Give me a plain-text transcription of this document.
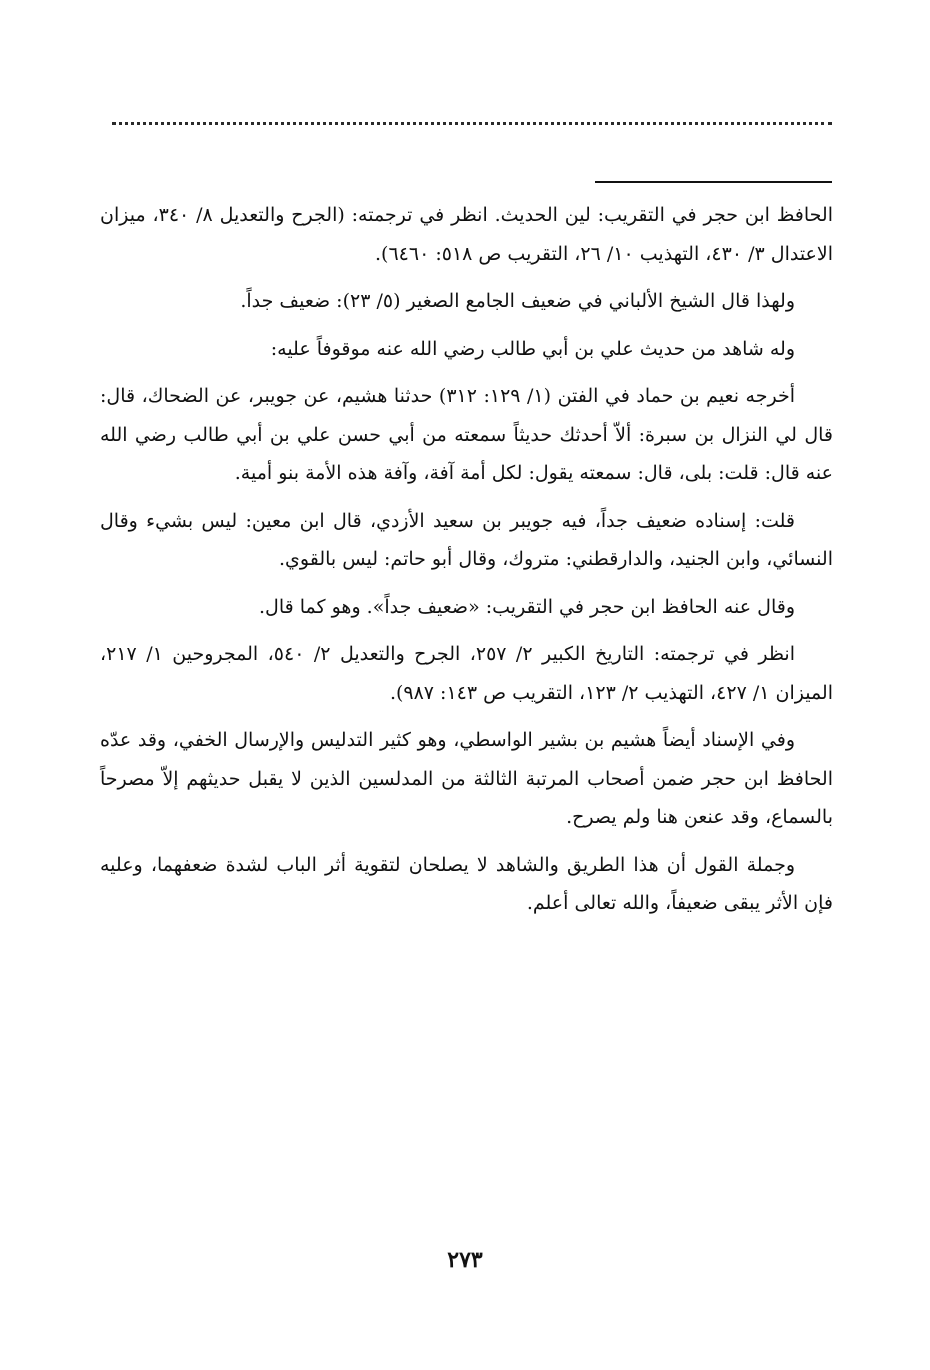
الحافظ ابن حجر في التقريب: لين الحديث. انظر في ترجمته: (الجرح والتعديل ٨/ ٣٤٠، ميزان الاعتدال ٣/ ٤٣٠، التهذيب ١٠/ ٢٦، التقريب ص ٥١٨: ٦٤٦٠).

ولهذا قال الشيخ الألباني في ضعيف الجامع الصغير (٥/ ٢٣): ضعيف جداً.

وله شاهد من حديث علي بن أبي طالب رضي الله عنه موقوفاً عليه:

أخرجه نعيم بن حماد في الفتن (١/ ١٢٩: ٣١٢) حدثنا هشيم، عن جويبر، عن الضحاك، قال: قال لي النزال بن سبرة: ألاّ أحدثك حديثاً سمعته من أبي حسن علي بن أبي طالب رضي الله عنه قال: قلت: بلى، قال: سمعته يقول: لكل أمة آفة، وآفة هذه الأمة بنو أمية.

قلت: إسناده ضعيف جداً، فيه جويبر بن سعيد الأزدي، قال ابن معين: ليس بشيء وقال النسائي، وابن الجنيد، والدارقطني: متروك، وقال أبو حاتم: ليس بالقوي.

وقال عنه الحافظ ابن حجر في التقريب: «ضعيف جداً». وهو كما قال.

انظر في ترجمته: التاريخ الكبير ٢/ ٢٥٧، الجرح والتعديل ٢/ ٥٤٠، المجروحين ١/ ٢١٧، الميزان ١/ ٤٢٧، التهذيب ٢/ ١٢٣، التقريب ص ١٤٣: ٩٨٧).

وفي الإسناد أيضاً هشيم بن بشير الواسطي، وهو كثير التدليس والإرسال الخفي، وقد عدّه الحافظ ابن حجر ضمن أصحاب المرتبة الثالثة من المدلسين الذين لا يقبل حديثهم إلاّ مصرحاً بالسماع، وقد عنعن هنا ولم يصرح.

وجملة القول أن هذا الطريق والشاهد لا يصلحان لتقوية أثر الباب لشدة ضعفهما، وعليه فإن الأثر يبقى ضعيفاً، والله تعالى أعلم.

٢٧٣
